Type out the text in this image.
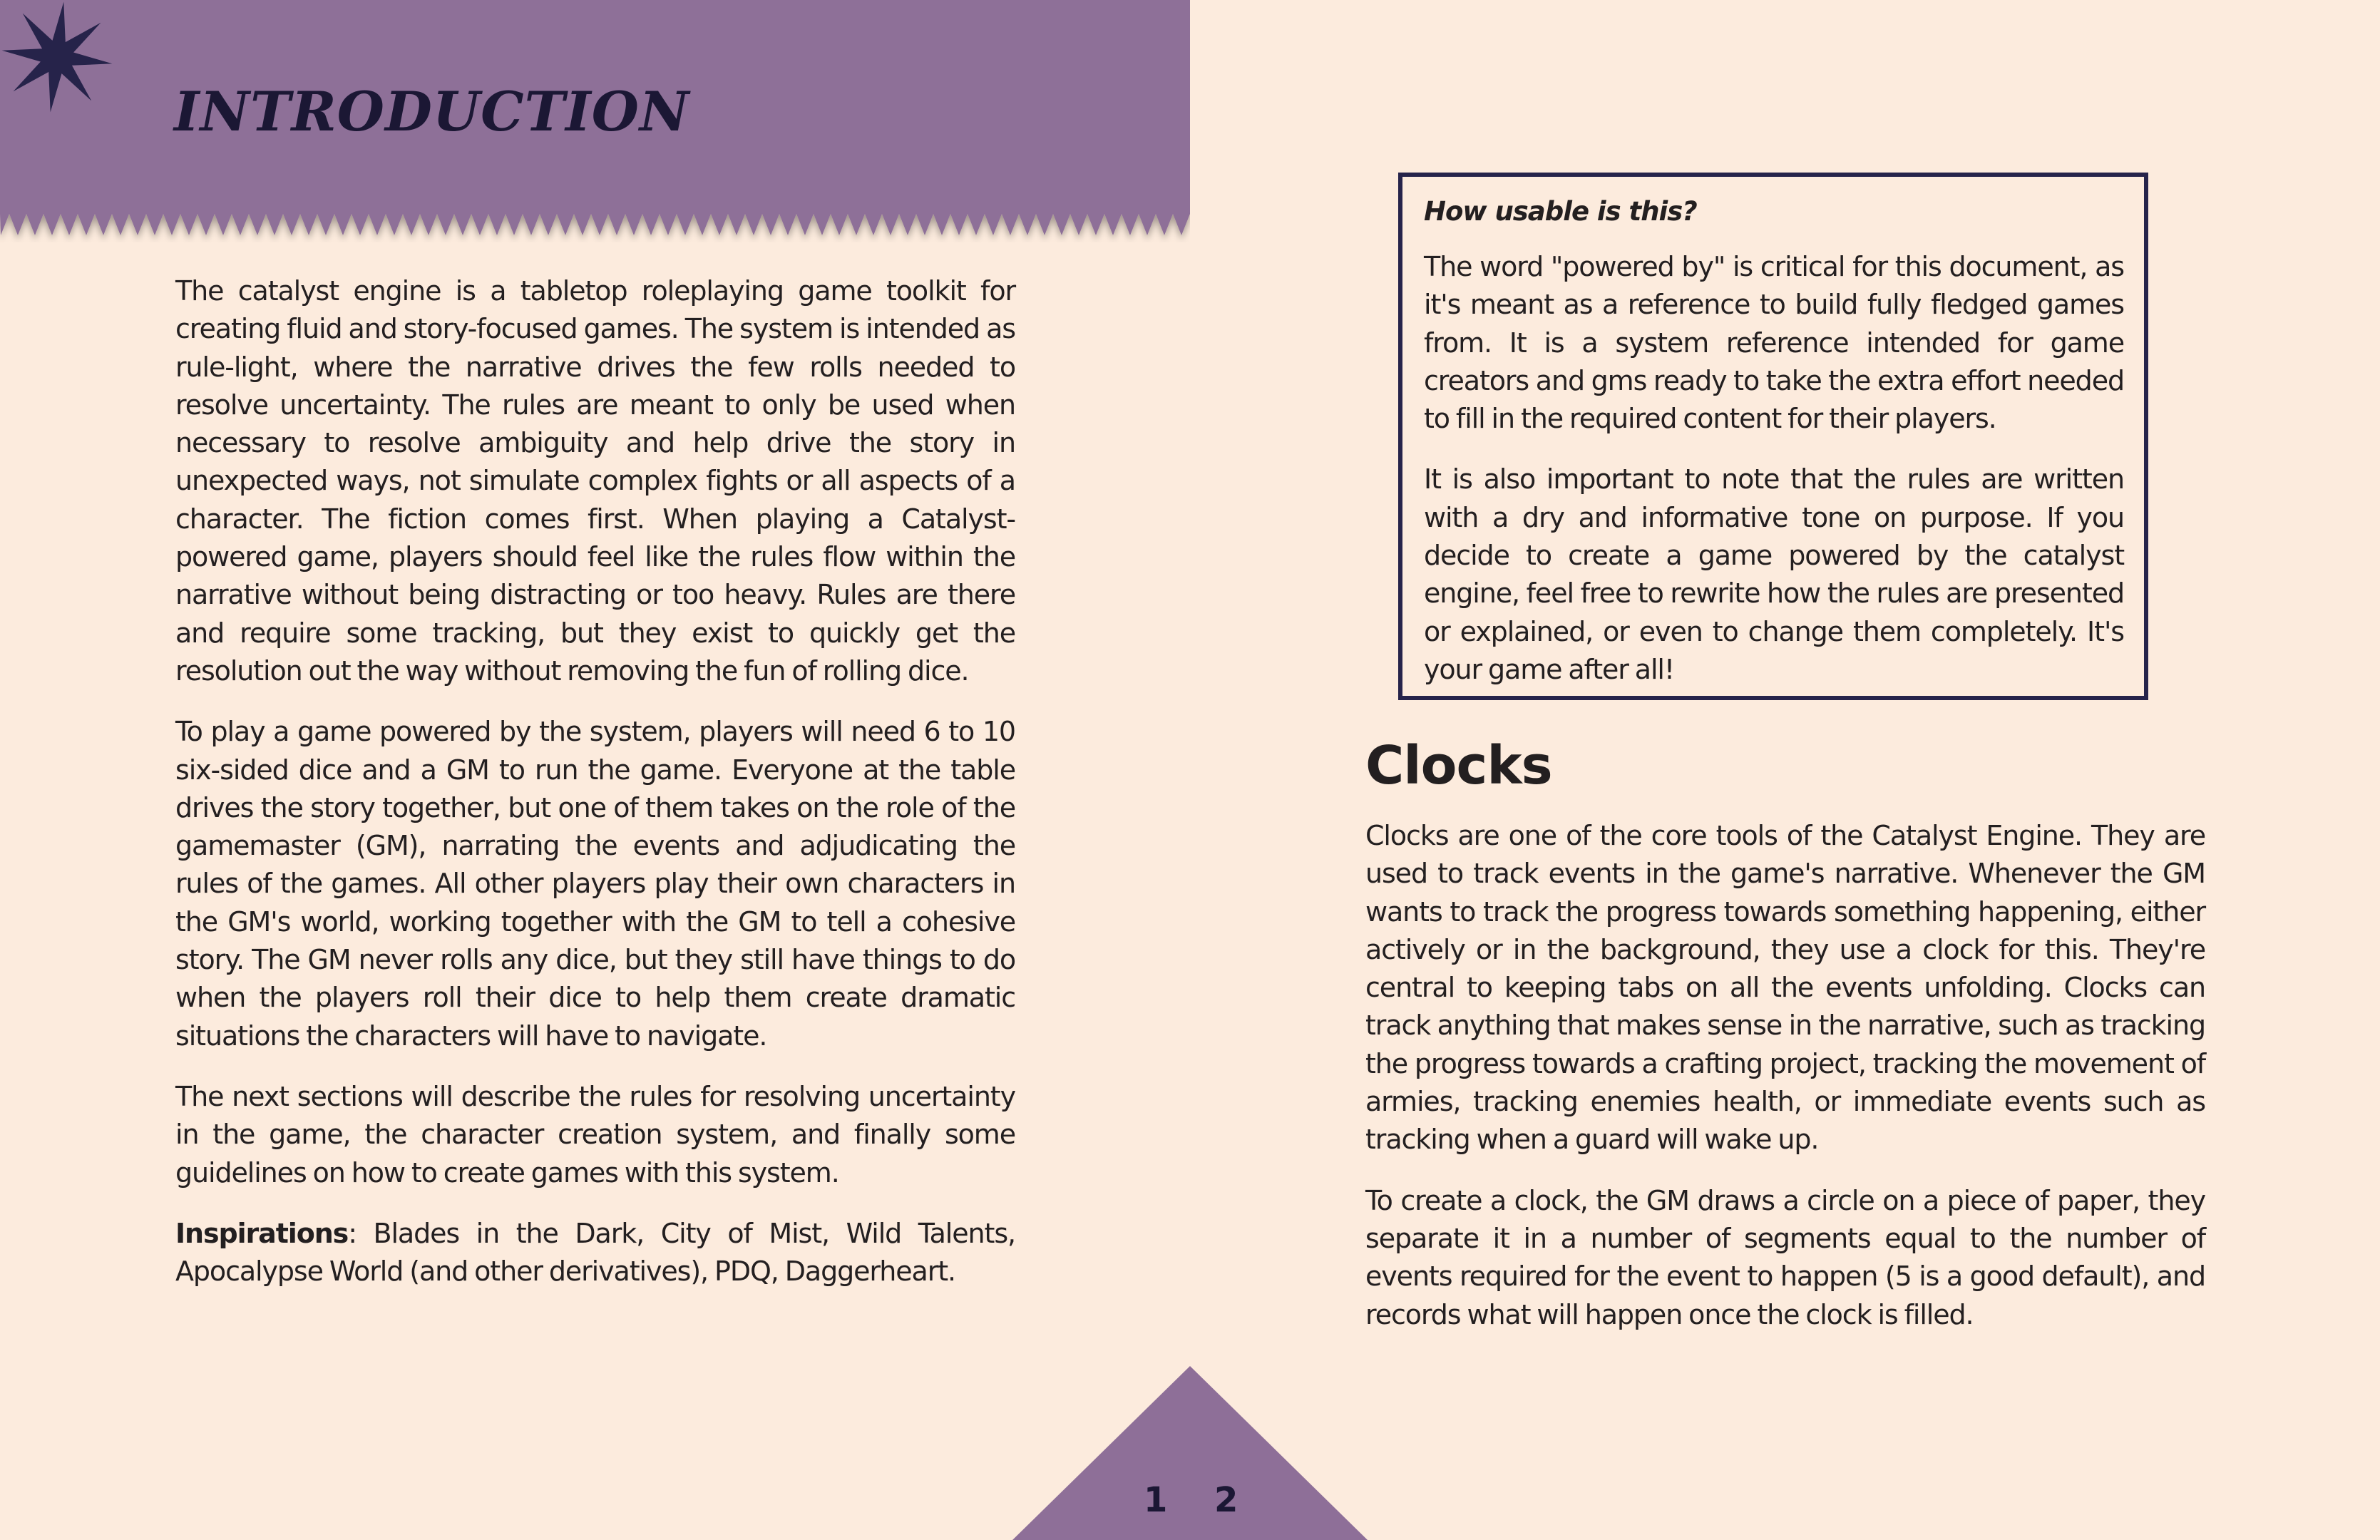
INTRODUCTION

The catalyst engine is a tabletop roleplaying game toolkit for creating fluid and story-focused games. The system is intended as rule-light, where the narrative drives the few rolls needed to resolve uncertainty. The rules are meant to only be used when necessary to resolve ambiguity and help drive the story in unexpected ways, not simulate complex fights or all aspects of a character. The fiction comes first. When playing a Catalyst-powered game, players should feel like the rules flow within the narrative without being distracting or too heavy. Rules are there and require some tracking, but they exist to quickly get the resolution out the way without removing the fun of rolling dice.

To play a game powered by the system, players will need 6 to 10 six-sided dice and a GM to run the game. Everyone at the table drives the story together, but one of them takes on the role of the gamemaster (GM), narrating the events and adjudicating the rules of the games. All other players play their own characters in the GM's world, working together with the GM to tell a cohesive story. The GM never rolls any dice, but they still have things to do when the players roll their dice to help them create dramatic situations the characters will have to navigate.

The next sections will describe the rules for resolving uncertainty in the game, the character creation system, and finally some guidelines on how to create games with this system.

Inspirations: Blades in the Dark, City of Mist, Wild Talents, Apocalypse World (and other derivatives), PDQ, Daggerheart.

How usable is this?

The word "powered by" is critical for this document, as it's meant as a reference to build fully fledged games from. It is a system reference intended for game creators and gms ready to take the extra effort needed to fill in the required content for their players.

It is also important to note that the rules are written with a dry and informative tone on purpose. If you decide to create a game powered by the catalyst engine, feel free to rewrite how the rules are presented or explained, or even to change them completely. It's your game after all!

Clocks

Clocks are one of the core tools of the Catalyst Engine. They are used to track events in the game's narrative. Whenever the GM wants to track the progress towards something happening, either actively or in the background, they use a clock for this. They're central to keeping tabs on all the events unfolding. Clocks can track anything that makes sense in the narrative, such as tracking the progress towards a crafting project, tracking the movement of armies, tracking enemies health, or immediate events such as tracking when a guard will wake up.

To create a clock, the GM draws a circle on a piece of paper, they separate it in a number of segments equal to the number of events required for the event to happen (5 is a good default), and records what will happen once the clock is filled.

1 2
